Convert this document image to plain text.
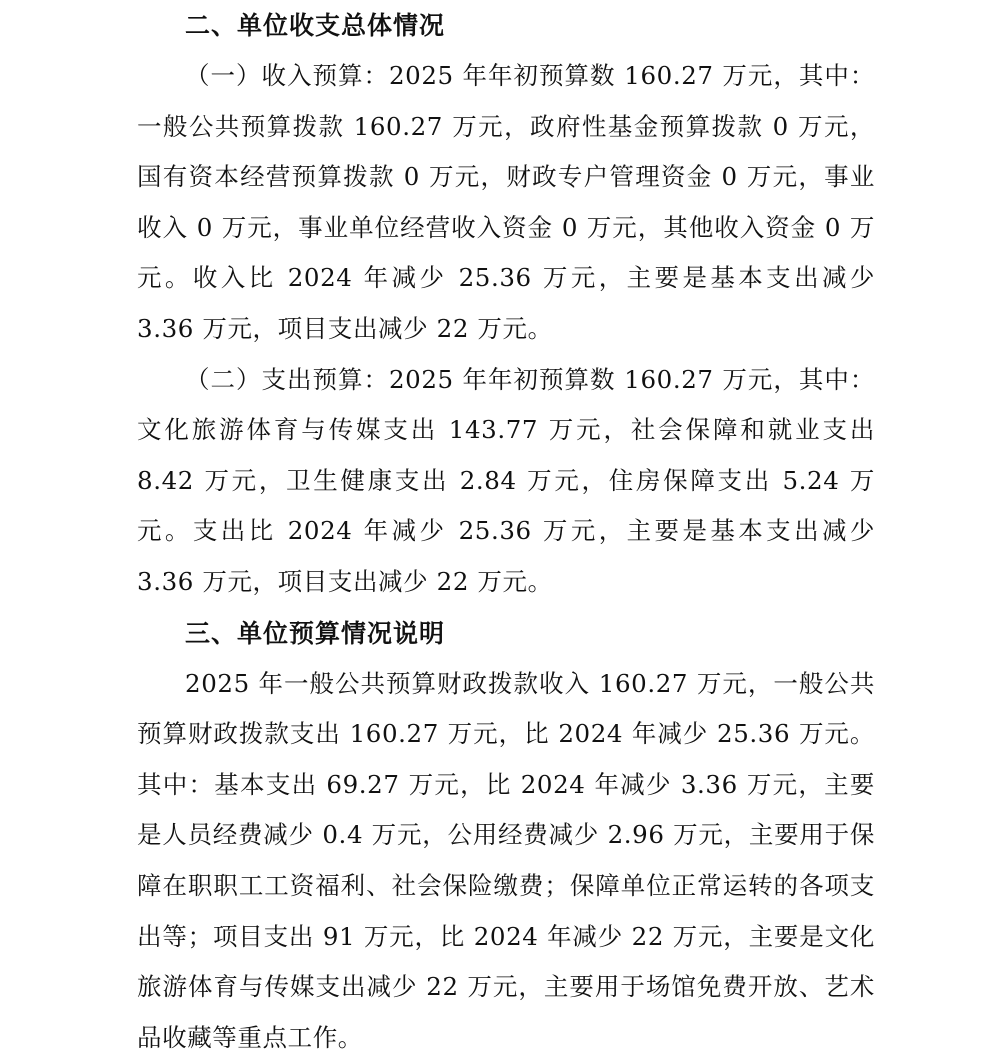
二、单位收支总体情况

（一）收入预算：2025 年年初预算数 160.27 万元，其中：一般公共预算拨款 160.27 万元，政府性基金预算拨款 0 万元，国有资本经营预算拨款 0 万元，财政专户管理资金 0 万元，事业收入 0 万元，事业单位经营收入资金 0 万元，其他收入资金 0 万元。收入比 2024 年减少 25.36 万元，主要是基本支出减少 3.36 万元，项目支出减少 22 万元。

（二）支出预算：2025 年年初预算数 160.27 万元，其中：文化旅游体育与传媒支出 143.77 万元，社会保障和就业支出 8.42 万元，卫生健康支出 2.84 万元，住房保障支出 5.24 万元。支出比 2024 年减少 25.36 万元，主要是基本支出减少 3.36 万元，项目支出减少 22 万元。

三、单位预算情况说明

2025 年一般公共预算财政拨款收入 160.27 万元，一般公共预算财政拨款支出 160.27 万元，比 2024 年减少 25.36 万元。其中：基本支出 69.27 万元，比 2024 年减少 3.36 万元，主要是人员经费减少 0.4 万元，公用经费减少 2.96 万元，主要用于保障在职职工工资福利、社会保险缴费；保障单位正常运转的各项支出等；项目支出 91 万元，比 2024 年减少 22 万元，主要是文化旅游体育与传媒支出减少 22 万元，主要用于场馆免费开放、艺术品收藏等重点工作。
